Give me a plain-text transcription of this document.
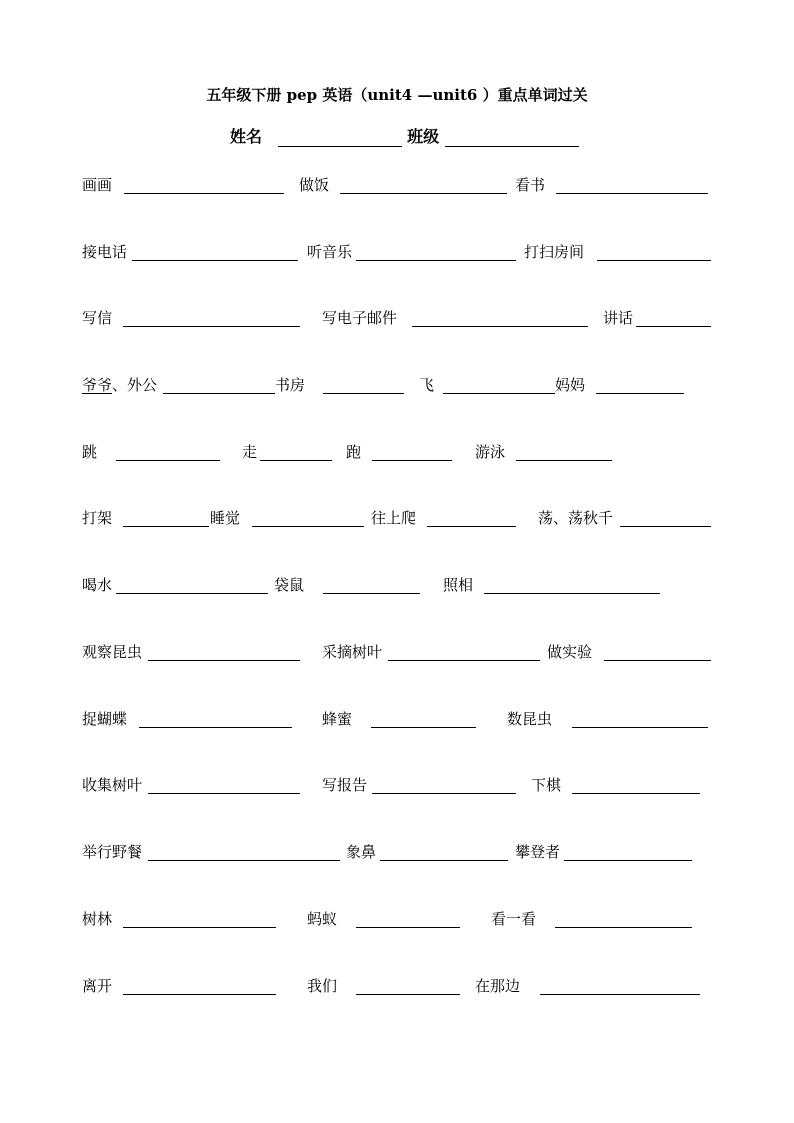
五年级下册 pep 英语（unit4 —unit6 ）重点单词过关
姓名	班级
画画	做饭	看书
接电话	听音乐	打扫房间
写信	写电子邮件	讲话
爷爷、外公	书房	飞	妈妈
跳	走	跑	游泳
打架	睡觉	往上爬	荡、荡秋千
喝水	袋鼠	照相
观察昆虫	采摘树叶	做实验
捉蝴蝶	蜂蜜	数昆虫
收集树叶	写报告	下棋
举行野餐	象鼻	攀登者
树林	蚂蚁	看一看
离开	我们	在那边
